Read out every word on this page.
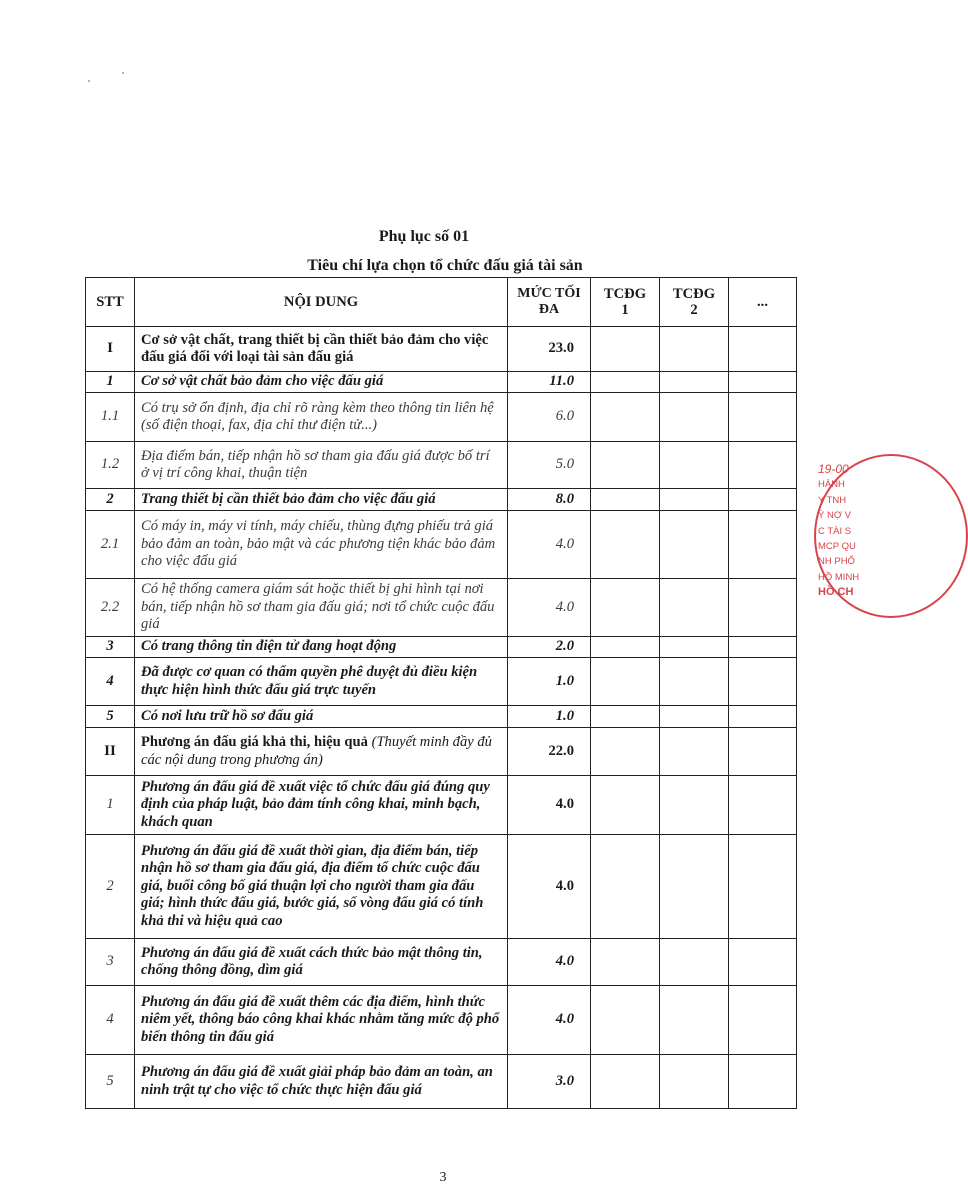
Phụ lục số 01
Tiêu chí lựa chọn tổ chức đấu giá tài sản
STT	NỘI DUNG	MỨC TỐI ĐA	TCĐG 1	TCĐG 2	...
I	Cơ sở vật chất, trang thiết bị cần thiết bảo đảm cho việc đấu giá đối với loại tài sản đấu giá	23.0			
1	Cơ sở vật chất bảo đảm cho việc đấu giá	11.0			
1.1	Có trụ sở ổn định, địa chỉ rõ ràng kèm theo thông tin liên hệ (số điện thoại, fax, địa chỉ thư điện tử...)	6.0			
1.2	Địa điểm bán, tiếp nhận hồ sơ tham gia đấu giá được bố trí ở vị trí công khai, thuận tiện	5.0			
2	Trang thiết bị cần thiết bảo đảm cho việc đấu giá	8.0			
2.1	Có máy in, máy vi tính, máy chiếu, thùng đựng phiếu trả giá bảo đảm an toàn, bảo mật và các phương tiện khác bảo đảm cho việc đấu giá	4.0			
2.2	Có hệ thống camera giám sát hoặc thiết bị ghi hình tại nơi bán, tiếp nhận hồ sơ tham gia đấu giá; nơi tổ chức cuộc đấu giá	4.0			
3	Có trang thông tin điện tử đang hoạt động	2.0			
4	Đã được cơ quan có thẩm quyền phê duyệt đủ điều kiện thực hiện hình thức đấu giá trực tuyến	1.0			
5	Có nơi lưu trữ hồ sơ đấu giá	1.0			
II	Phương án đấu giá khả thi, hiệu quả (Thuyết minh đầy đủ các nội dung trong phương án)	22.0			
1	Phương án đấu giá đề xuất việc tổ chức đấu giá đúng quy định của pháp luật, bảo đảm tính công khai, minh bạch, khách quan	4.0			
2	Phương án đấu giá đề xuất thời gian, địa điểm bán, tiếp nhận hồ sơ tham gia đấu giá, địa điểm tổ chức cuộc đấu giá, buổi công bố giá thuận lợi cho người tham gia đấu giá; hình thức đấu giá, bước giá, số vòng đấu giá có tính khả thi và hiệu quả cao	4.0			
3	Phương án đấu giá đề xuất cách thức bảo mật thông tin, chống thông đồng, dìm giá	4.0			
4	Phương án đấu giá đề xuất thêm các địa điểm, hình thức niêm yết, thông báo công khai khác nhằm tăng mức độ phổ biến thông tin đấu giá	4.0			
5	Phương án đấu giá đề xuất giải pháp bảo đảm an toàn, an ninh trật tự cho việc tổ chức thực hiện đấu giá	3.0			
19-00
HÀNH
Y TNH
Ý NỢ V
C TÀI S
MCP QU
NH PHỐ
HỒ MINH
HỒ CH
3
